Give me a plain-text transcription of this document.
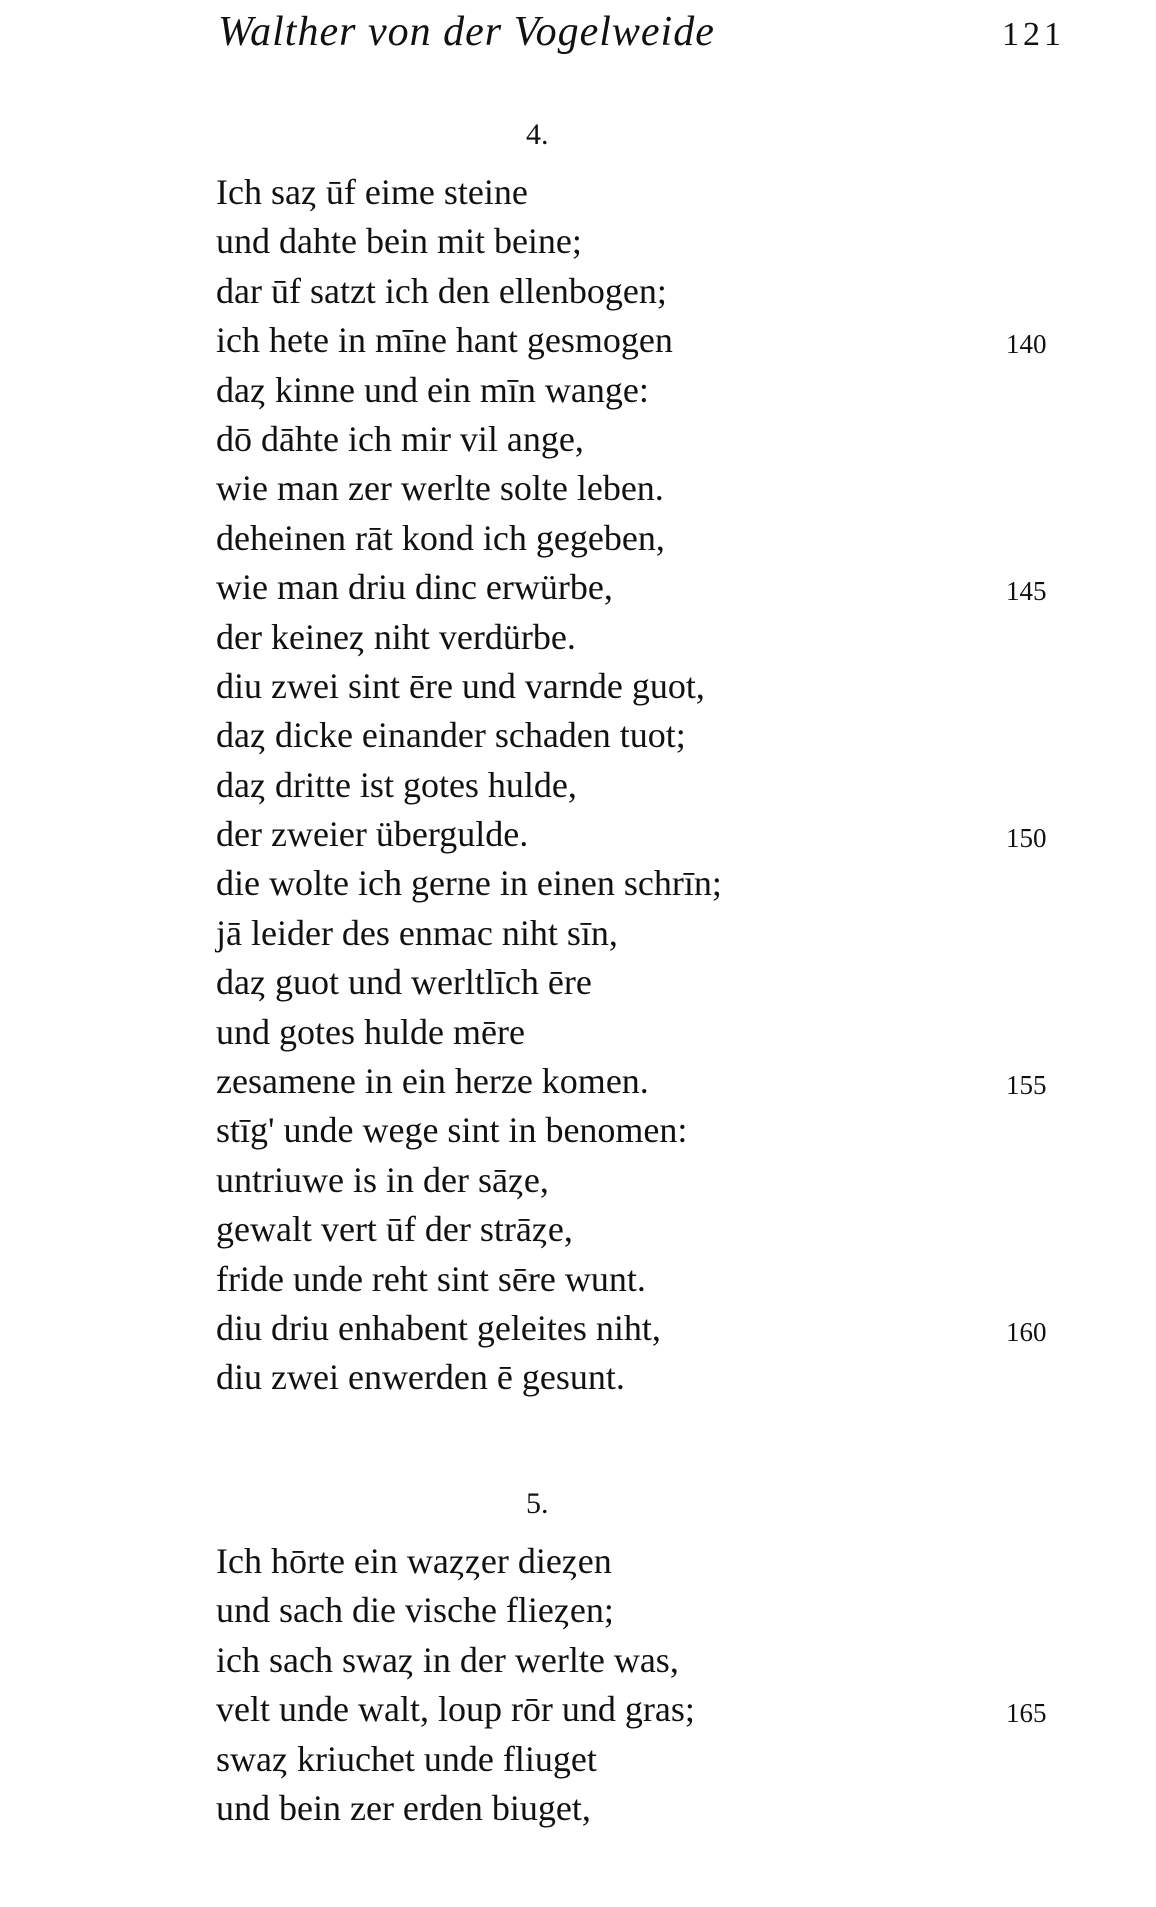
Walther von der Vogelweide	121
4.
Ich saȥ ūf eime steine
und dahte bein mit beine;
dar ūf satzt ich den ellenbogen;
ich hete in mīne hant gesmogen	140
daȥ kinne und ein mīn wange:
dō dāhte ich mir vil ange,
wie man zer werlte solte leben.
deheinen rāt kond ich gegeben,
wie man driu dinc erwürbe,	145
der keineȥ niht verdürbe.
diu zwei sint ēre und varnde guot,
daȥ dicke einander schaden tuot;
daȥ dritte ist gotes hulde,
der zweier übergulde.	150
die wolte ich gerne in einen schrīn;
jā leider des enmac niht sīn,
daȥ guot und werltlīch ēre
und gotes hulde mēre
zesamene in ein herze komen.	155
stīg' unde wege sint in benomen:
untriuwe is in der sāȥe,
gewalt vert ūf der strāȥe,
fride unde reht sint sēre wunt.
diu driu enhabent geleites niht,	160
diu zwei enwerden ē gesunt.
5.
Ich hōrte ein waȥȥer dieȥen
und sach die vische flieȥen;
ich sach swaȥ in der werlte was,
velt unde walt, loup rōr und gras;	165
swaȥ kriuchet unde fliuget
und bein zer erden biuget,
